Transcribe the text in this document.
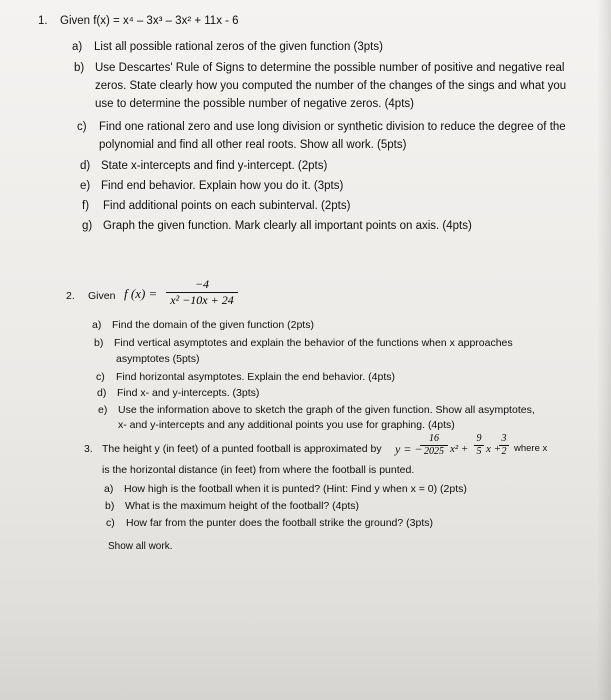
1. Given f(x) = x⁴ – 3x³ – 3x² + 11x - 6
a) List all possible rational zeros of the given function (3pts)
b) Use Descartes' Rule of Signs to determine the possible number of positive and negative real
zeros. State clearly how you computed the number of the changes of the sings and what you
use to determine the possible number of negative zeros. (4pts)
c) Find one rational zero and use long division or synthetic division to reduce the degree of the
polynomial and find all other real roots. Show all work. (5pts)
d) State x-intercepts and find y-intercept. (2pts)
e) Find end behavior. Explain how you do it. (3pts)
f) Find additional points on each subinterval. (2pts)
g) Graph the given function. Mark clearly all important points on axis. (4pts)
2. Given f $(x) = \frac{-4}{\text{x² −10x + 24}}$
a) Find the domain of the given function (2pts)
b) Find vertical asymptotes and explain the behavior of the functions when x approaches
asymptotes (5pts)
c) Find horizontal asymptotes. Explain the end behavior. (4pts)
d) Find x- and y-intercepts. (3pts)
e) Use the information above to sketch the graph of the given function. Show all asymptotes,
x- and y-intercepts and any additional points you use for graphing. (4pts)
3. The height y (in feet) of a punted football is approximated by y = −
$\frac{16}{2025} x^2 + \frac{9}{5}$ x +
$\frac{3}{2}$ where x
is the horizontal distance (in feet) from where the football is punted.
a) How high is the football when it is punted? (Hint: Find y when x = 0) (2pts)
b) What is the maximum height of the football? (4pts)
c) How far from the punter does the football strike the ground? (3pts)
Show all work.
